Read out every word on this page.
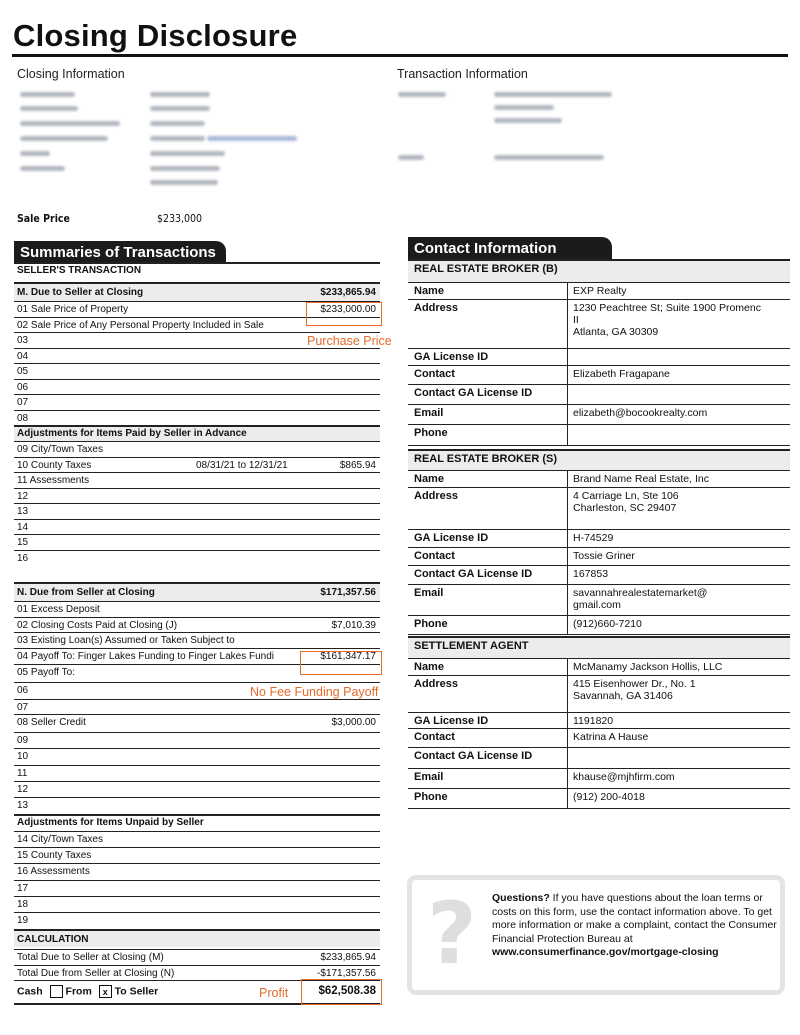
Closing Disclosure
Closing Information	Transaction Information
Sale Price	$233,000
Summaries of Transactions
SELLER'S TRANSACTION
M. Due to Seller at Closing	$233,865.94
01 Sale Price of Property	$233,000.00
02 Sale Price of Any Personal Property Included in Sale
03
04
05
06
07
08
Adjustments for Items Paid by Seller in Advance
09 City/Town Taxes
10 County Taxes	08/31/21 to 12/31/21	$865.94
11 Assessments
12
13
14
15
16
N. Due from Seller at Closing	$171,357.56
01 Excess Deposit
02 Closing Costs Paid at Closing (J)	$7,010.39
03 Existing Loan(s) Assumed or Taken Subject to
04 Payoff To: Finger Lakes Funding to Finger Lakes Fundi	$161,347.17
05 Payoff To:
06
07
08 Seller Credit	$3,000.00
09
10
11
12
13
Adjustments for Items Unpaid by Seller
14 City/Town Taxes
15 County Taxes
16 Assessments
17
18
19
CALCULATION
Total Due to Seller at Closing (M)	$233,865.94
Total Due from Seller at Closing (N)	-$171,357.56
Cash From x To Seller	$62,508.38
Purchase Price
No Fee Funding Payoff
Profit
Contact Information
REAL ESTATE BROKER (B)
Name	EXP Realty
Address	1230 Peachtree St; Suite 1900 Promenc
II
Atlanta, GA 30309
GA License ID
Contact	Elizabeth Fragapane
Contact GA License ID
Email	elizabeth@bocookrealty.com
Phone
REAL ESTATE BROKER (S)
Name	Brand Name Real Estate, Inc
Address	4 Carriage Ln, Ste 106
Charleston, SC 29407
GA License ID	H-74529
Contact	Tossie Griner
Contact GA License ID	167853
Email	savannahrealestatemarket@
gmail.com
Phone	(912)660-7210
SETTLEMENT AGENT
Name	McManamy Jackson Hollis, LLC
Address	415 Eisenhower Dr., No. 1
Savannah, GA 31406
GA License ID	1191820
Contact	Katrina A Hause
Contact GA License ID
Email	khause@mjhfirm.com
Phone	(912) 200-4018
? Questions? If you have questions about the loan terms or costs on this form, use the contact information above. To get more information or make a complaint, contact the Consumer Financial Protection Bureau at
www.consumerfinance.gov/mortgage-closing
